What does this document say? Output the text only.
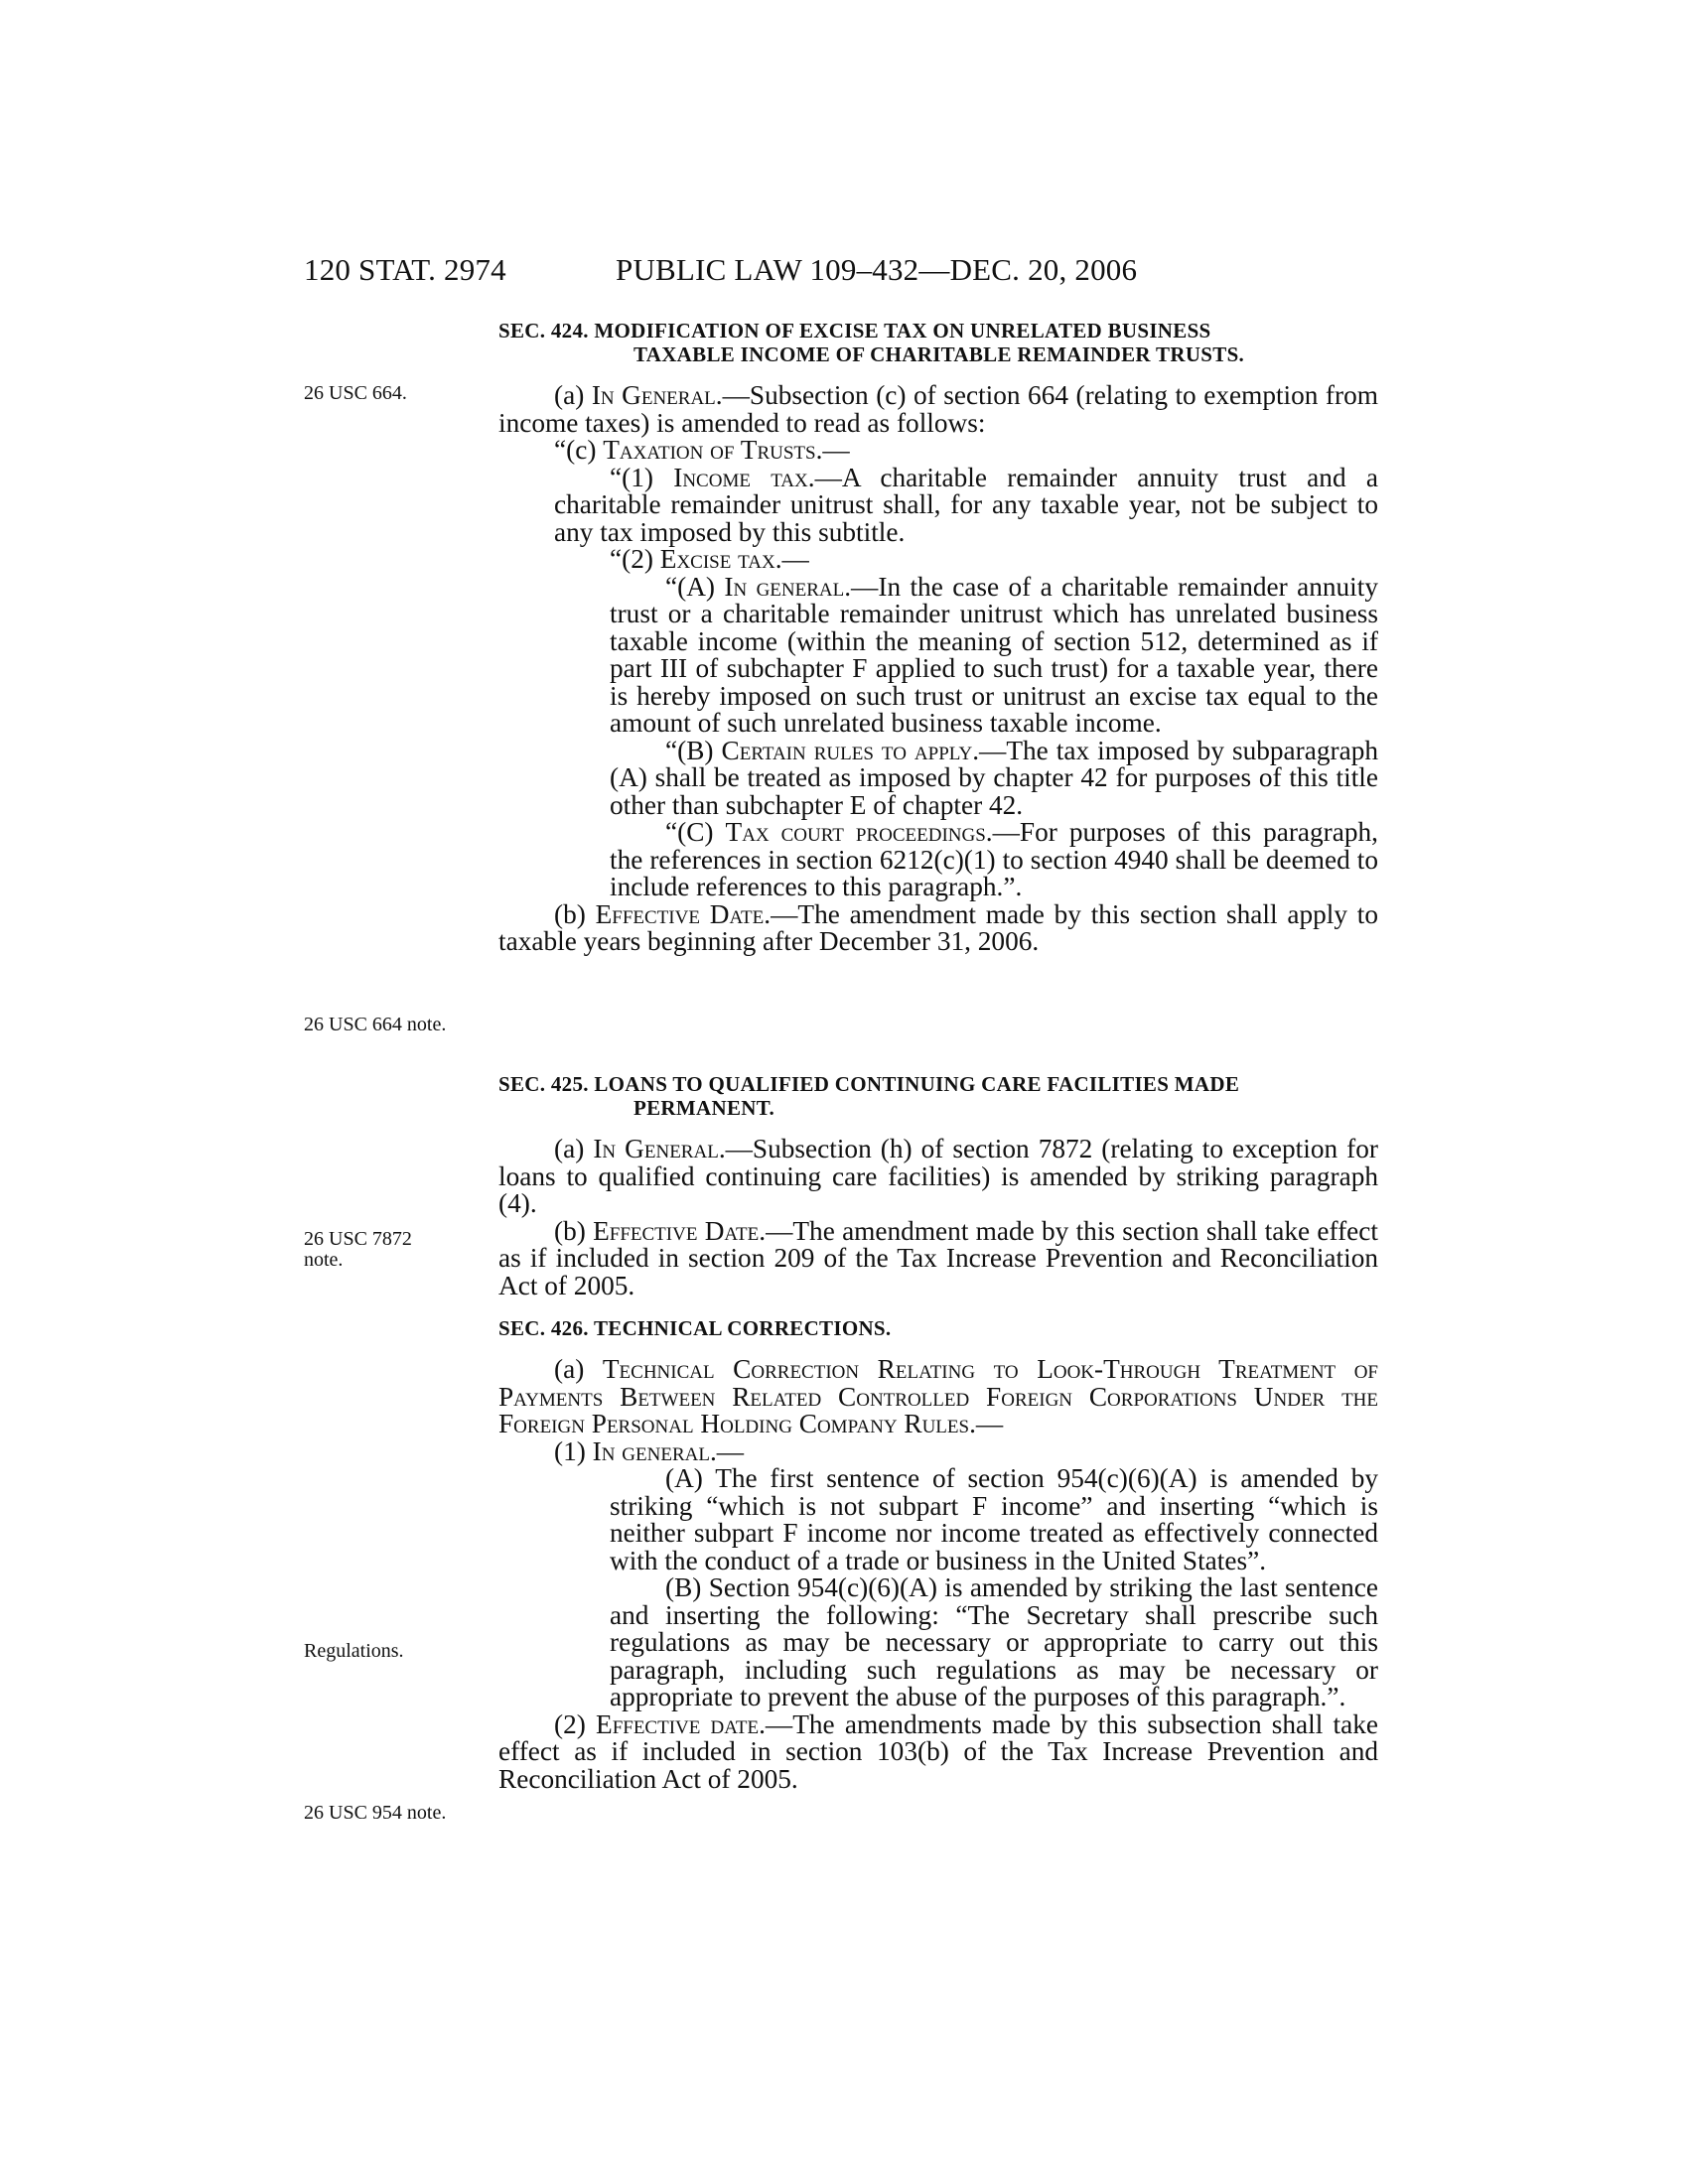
120 STAT. 2974	PUBLIC LAW 109–432—DEC. 20, 2006
26 USC 664.
26 USC 664 note.
26 USC 7872
note.
Regulations.
26 USC 954 note.

SEC. 424. MODIFICATION OF EXCISE TAX ON UNRELATED BUSINESS
TAXABLE INCOME OF CHARITABLE REMAINDER TRUSTS.

(a) In General.—Subsection (c) of section 664 (relating to exemption from income taxes) is amended to read as follows:

“(c) Taxation of Trusts.—

“(1) Income tax.—A charitable remainder annuity trust and a charitable remainder unitrust shall, for any taxable year, not be subject to any tax imposed by this subtitle.

“(2) Excise tax.—

“(A) In general.—In the case of a charitable remainder annuity trust or a charitable remainder unitrust which has unrelated business taxable income (within the meaning of section 512, determined as if part III of subchapter F applied to such trust) for a taxable year, there is hereby imposed on such trust or unitrust an excise tax equal to the amount of such unrelated business taxable income.

“(B) Certain rules to apply.—The tax imposed by subparagraph (A) shall be treated as imposed by chapter 42 for purposes of this title other than subchapter E of chapter 42.

“(C) Tax court proceedings.—For purposes of this paragraph, the references in section 6212(c)(1) to section 4940 shall be deemed to include references to this paragraph.”.

(b) Effective Date.—The amendment made by this section shall apply to taxable years beginning after December 31, 2006.

SEC. 425. LOANS TO QUALIFIED CONTINUING CARE FACILITIES MADE
PERMANENT.

(a) In General.—Subsection (h) of section 7872 (relating to exception for loans to qualified continuing care facilities) is amended by striking paragraph (4).

(b) Effective Date.—The amendment made by this section shall take effect as if included in section 209 of the Tax Increase Prevention and Reconciliation Act of 2005.

SEC. 426. TECHNICAL CORRECTIONS.

(a) Technical Correction Relating to Look-Through Treatment of Payments Between Related Controlled Foreign Corporations Under the Foreign Personal Holding Company Rules.—

(1) In general.—

(A) The first sentence of section 954(c)(6)(A) is amended by striking “which is not subpart F income” and inserting “which is neither subpart F income nor income treated as effectively connected with the conduct of a trade or business in the United States”.

(B) Section 954(c)(6)(A) is amended by striking the last sentence and inserting the following: “The Secretary shall prescribe such regulations as may be necessary or appropriate to carry out this paragraph, including such regulations as may be necessary or appropriate to prevent the abuse of the purposes of this paragraph.”.

(2) Effective date.—The amendments made by this subsection shall take effect as if included in section 103(b) of the Tax Increase Prevention and Reconciliation Act of 2005.
